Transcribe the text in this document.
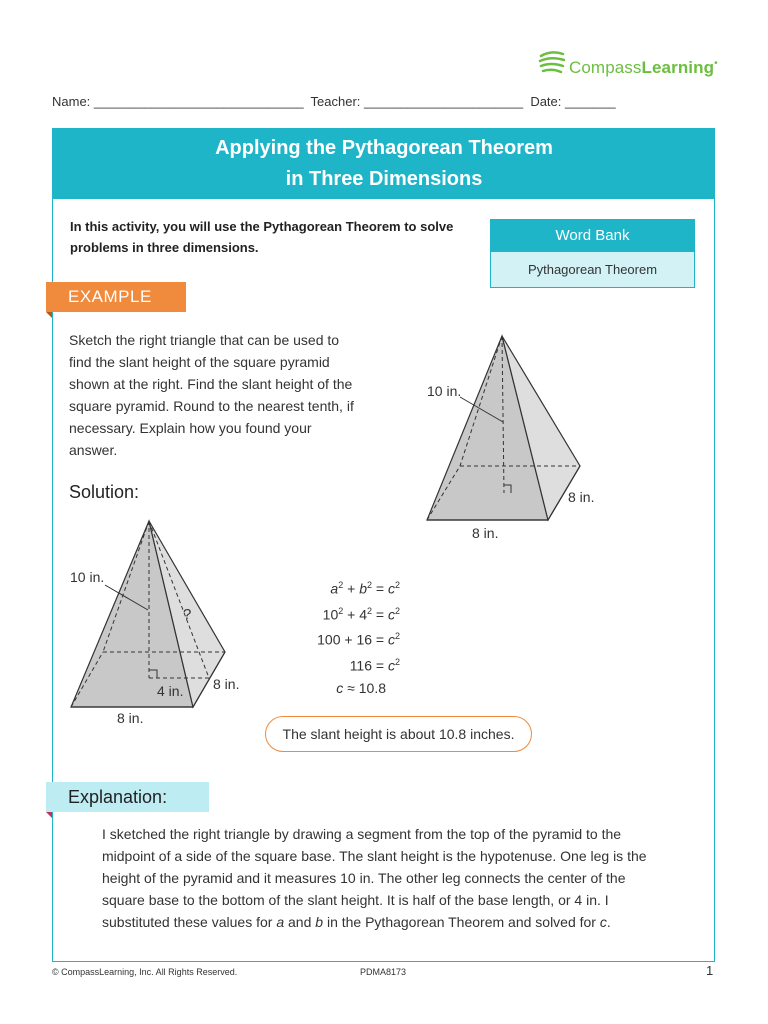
CompassLearning•
Name: _____________________________  Teacher: ______________________  Date: _______
Applying the Pythagorean Theorem
in Three Dimensions
In this activity, you will use the Pythagorean Theorem to solve problems in three dimensions.
Word Bank
Pythagorean Theorem
EXAMPLE
Sketch the right triangle that can be used to find the slant height of the square pyramid shown at the right. Find the slant height of the square pyramid. Round to the nearest tenth, if necessary. Explain how you found your answer.
10 in.
8 in.
8 in.
Solution:
10 in.
?
4 in. 8 in.
8 in.
$a^2 + b^2 = c^2$
$10^2 + 4^2 = c^2$
$100 + 16 = c^2$
$116 = c^2$
c ≈ 10.8
The slant height is about 10.8 inches.
Explanation:
I sketched the right triangle by drawing a segment from the top of the pyramid to the midpoint of a side of the square base. The slant height is the hypotenuse. One leg is the height of the pyramid and it measures 10 in. The other leg connects the center of the square base to the bottom of the slant height. It is half of the base length, or 4 in. I substituted these values for a and b in the Pythagorean Theorem and solved for c.
© CompassLearning, Inc. All Rights Reserved.	PDMA8173	1
